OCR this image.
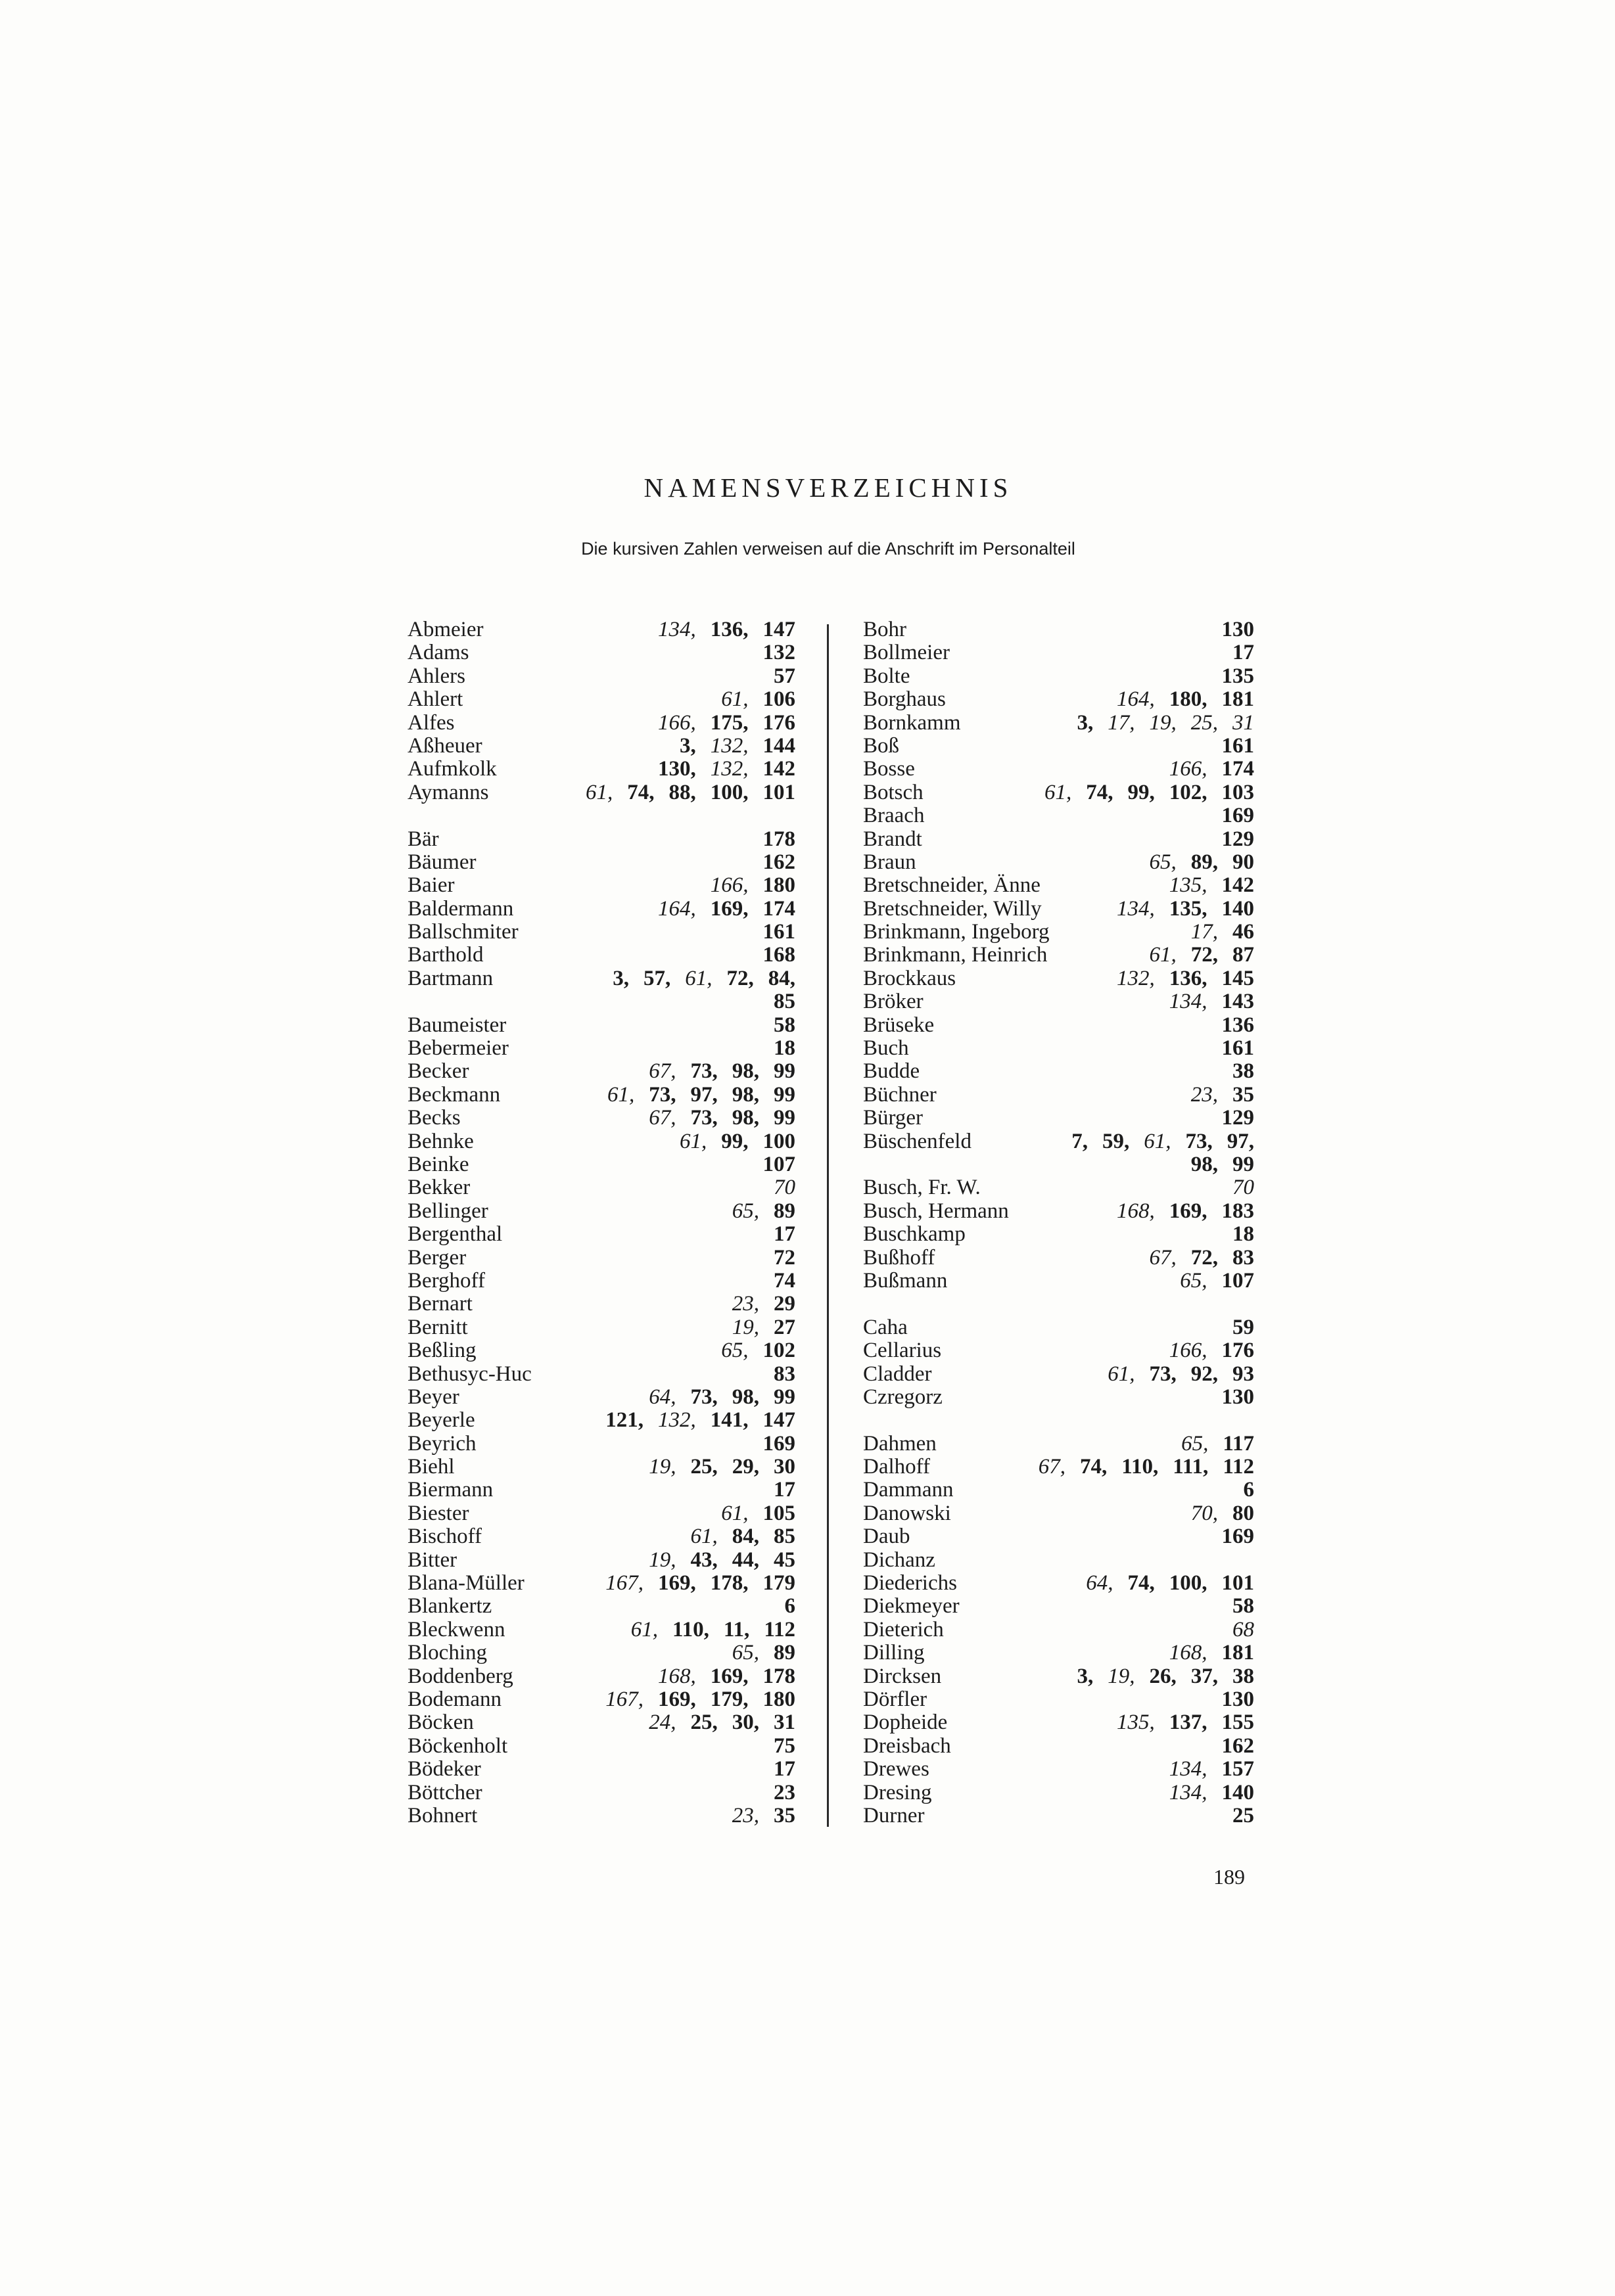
NAMENSVERZEICHNIS
Die kursiven Zahlen verweisen auf die Anschrift im Personalteil
Abmeier	134, 136, 147
Adams	132
Ahlers	57
Ahlert	61, 106
Alfes	166, 175, 176
Aßheuer	3, 132, 144
Aufmkolk	130, 132, 142
Aymanns	61, 74, 88, 100, 101
Bär	178
Bäumer	162
Baier	166, 180
Baldermann	164, 169, 174
Ballschmiter	161
Barthold	168
Bartmann	3, 57, 61, 72, 84,
85
Baumeister	58
Bebermeier	18
Becker	67, 73, 98, 99
Beckmann	61, 73, 97, 98, 99
Becks	67, 73, 98, 99
Behnke	61, 99, 100
Beinke	107
Bekker	70
Bellinger	65, 89
Bergenthal	17
Berger	72
Berghoff	74
Bernart	23, 29
Bernitt	19, 27
Beßling	65, 102
Bethusyc-Huc	83
Beyer	64, 73, 98, 99
Beyerle	121, 132, 141, 147
Beyrich	169
Biehl	19, 25, 29, 30
Biermann	17
Biester	61, 105
Bischoff	61, 84, 85
Bitter	19, 43, 44, 45
Blana-Müller	167, 169, 178, 179
Blankertz	6
Bleckwenn	61, 110, 11, 112
Bloching	65, 89
Boddenberg	168, 169, 178
Bodemann	167, 169, 179, 180
Böcken	24, 25, 30, 31
Böckenholt	75
Bödeker	17
Böttcher	23
Bohnert	23, 35
Bohr	130
Bollmeier	17
Bolte	135
Borghaus	164, 180, 181
Bornkamm	3, 17, 19, 25, 31
Boß	161
Bosse	166, 174
Botsch	61, 74, 99, 102, 103
Braach	169
Brandt	129
Braun	65, 89, 90
Bretschneider, Änne	135, 142
Bretschneider, Willy	134, 135, 140
Brinkmann, Ingeborg	17, 46
Brinkmann, Heinrich	61, 72, 87
Brockkaus	132, 136, 145
Bröker	134, 143
Brüseke	136
Buch	161
Budde	38
Büchner	23, 35
Bürger	129
Büschenfeld	7, 59, 61, 73, 97,
98, 99
Busch, Fr. W.	70
Busch, Hermann	168, 169, 183
Buschkamp	18
Bußhoff	67, 72, 83
Bußmann	65, 107
Caha	59
Cellarius	166, 176
Cladder	61, 73, 92, 93
Czregorz	130
Dahmen	65, 117
Dalhoff	67, 74, 110, 111, 112
Dammann	6
Danowski	70, 80
Daub	169
Dichanz
Diederichs	64, 74, 100, 101
Diekmeyer	58
Dieterich	68
Dilling	168, 181
Dircksen	3, 19, 26, 37, 38
Dörfler	130
Dopheide	135, 137, 155
Dreisbach	162
Drewes	134, 157
Dresing	134, 140
Durner	25
189
